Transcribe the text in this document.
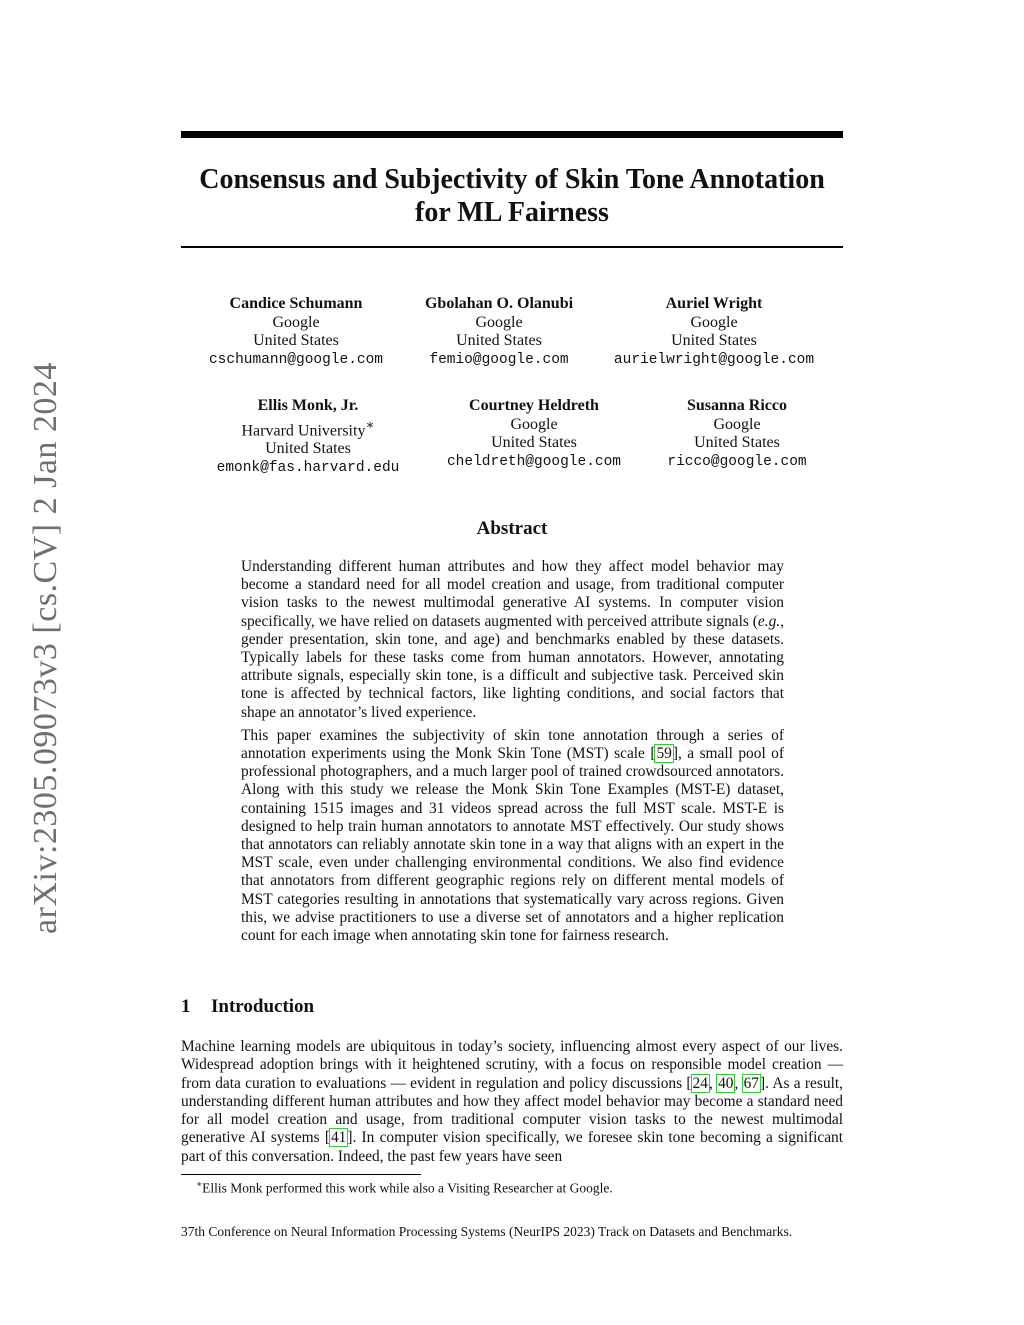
arXiv:2305.09073v3 [cs.CV] 2 Jan 2024
Consensus and Subjectivity of Skin Tone Annotation
for ML Fairness
Candice Schumann
Google
United States
cschumann@google.com
Gbolahan O. Olanubi
Google
United States
femio@google.com
Auriel Wright
Google
United States
aurielwright@google.com
Ellis Monk, Jr.
Harvard University∗
United States
emonk@fas.harvard.edu
Courtney Heldreth
Google
United States
cheldreth@google.com
Susanna Ricco
Google
United States
ricco@google.com
Abstract

Understanding different human attributes and how they affect model behavior may become a standard need for all model creation and usage, from traditional computer vision tasks to the newest multimodal generative AI systems. In computer vision specifically, we have relied on datasets augmented with perceived attribute signals (e.g., gender presentation, skin tone, and age) and benchmarks enabled by these datasets. Typically labels for these tasks come from human annotators. However, annotating attribute signals, especially skin tone, is a difficult and subjective task. Perceived skin tone is affected by technical factors, like lighting conditions, and social factors that shape an annotator’s lived experience.

This paper examines the subjectivity of skin tone annotation through a series of annotation experiments using the Monk Skin Tone (MST) scale [59], a small pool of professional photographers, and a much larger pool of trained crowdsourced annotators. Along with this study we release the Monk Skin Tone Examples (MST-E) dataset, containing 1515 images and 31 videos spread across the full MST scale. MST-E is designed to help train human annotators to annotate MST effectively. Our study shows that annotators can reliably annotate skin tone in a way that aligns with an expert in the MST scale, even under challenging environmental conditions. We also find evidence that annotators from different geographic regions rely on different mental models of MST categories resulting in annotations that systematically vary across regions. Given this, we advise practitioners to use a diverse set of annotators and a higher replication count for each image when annotating skin tone for fairness research.

1 Introduction

Machine learning models are ubiquitous in today’s society, influencing almost every aspect of our lives. Widespread adoption brings with it heightened scrutiny, with a focus on responsible model creation — from data curation to evaluations — evident in regulation and policy discussions [24, 40, 67]. As a result, understanding different human attributes and how they affect model behavior may become a standard need for all model creation and usage, from traditional computer vision tasks to the newest multimodal generative AI systems [41]. In computer vision specifically, we foresee skin tone becoming a significant part of this conversation. Indeed, the past few years have seen

∗Ellis Monk performed this work while also a Visiting Researcher at Google.
37th Conference on Neural Information Processing Systems (NeurIPS 2023) Track on Datasets and Benchmarks.
